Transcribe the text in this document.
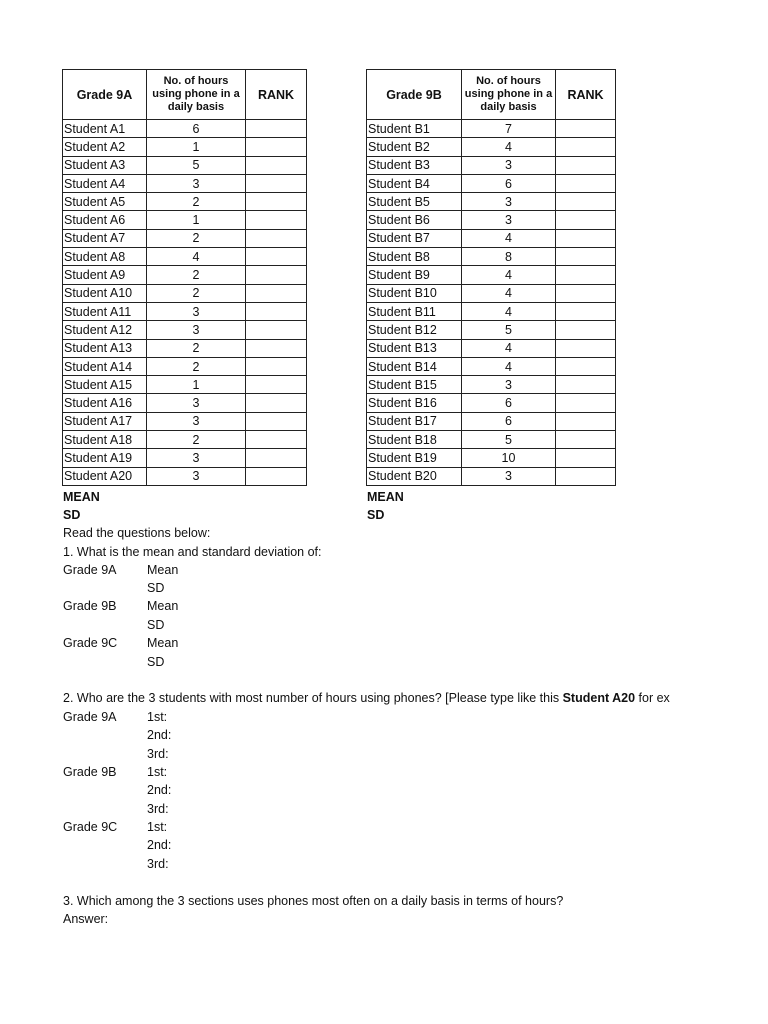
Grade 9A	No. of hours using phone in a daily basis	RANK
Student A1	6	
Student A2	1	
Student A3	5	
Student A4	3	
Student A5	2	
Student A6	1	
Student A7	2	
Student A8	4	
Student A9	2	
Student A10	2	
Student A11	3	
Student A12	3	
Student A13	2	
Student A14	2	
Student A15	1	
Student A16	3	
Student A17	3	
Student A18	2	
Student A19	3	
Student A20	3	
Grade 9B	No. of hours using phone in a daily basis	RANK
Student B1	7	
Student B2	4	
Student B3	3	
Student B4	6	
Student B5	3	
Student B6	3	
Student B7	4	
Student B8	8	
Student B9	4	
Student B10	4	
Student B11	4	
Student B12	5	
Student B13	4	
Student B14	4	
Student B15	3	
Student B16	6	
Student B17	6	
Student B18	5	
Student B19	10	
Student B20	3	
MEAN
SD
MEAN
SD
Read the questions below:
1. What is the mean and standard deviation of:
Grade 9A Mean
SD
Grade 9B Mean
SD
Grade 9C Mean
SD
2. Who are the 3 students with most number of hours using phones? [Please type like this Student A20 for ex
Grade 9A 1st:
2nd:
3rd:
Grade 9B 1st:
2nd:
3rd:
Grade 9C 1st:
2nd:
3rd:
3. Which among the 3 sections uses phones most often on a daily basis in terms of hours?
Answer:
